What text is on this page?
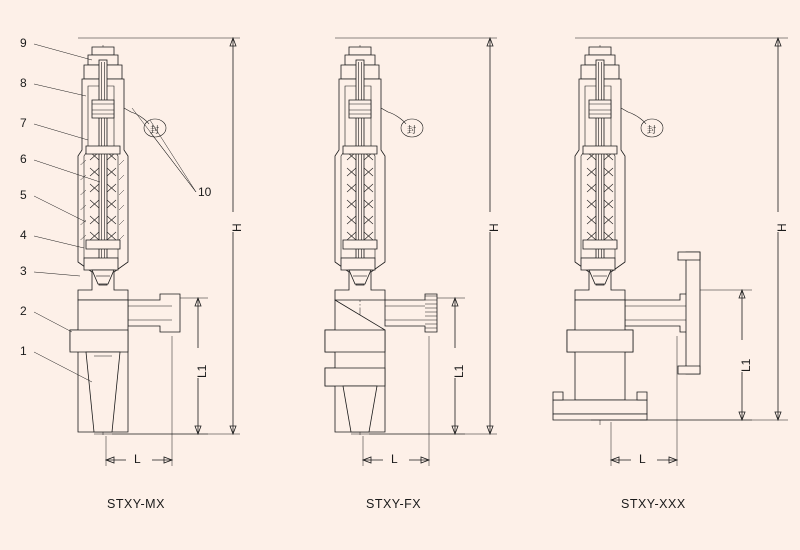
9
8
7
6
5
4
3
2
1
10
封	封	封
H
L1
L
H
L1
L
H
L1
L
STXY-MX	STXY-FX	STXY-XXX
